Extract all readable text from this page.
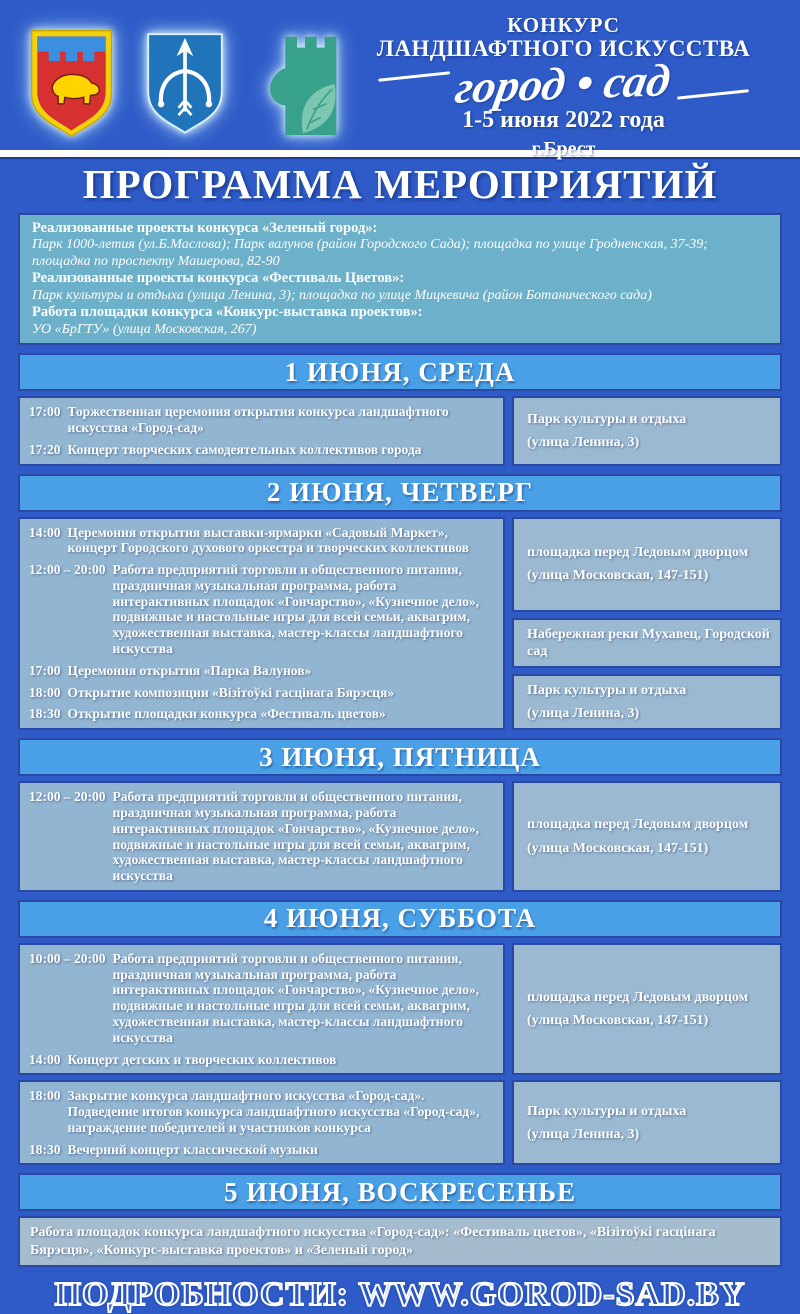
КОНКУРС
ЛАНДШАФТНОГО ИСКУССТВА
город • сад
1-5 июня 2022 года
г.Брест
ПРОГРАММА МЕРОПРИЯТИЙ
Реализованные проекты конкурса «Зеленый город»:
Парк 1000-летия (ул.Б.Маслова); Парк валунов (район Городского Сада); площадка по улице Гродненская, 37-39; площадка по проспекту Машерова, 82-90
Реализованные проекты конкурса «Фестиваль Цветов»:
Парк культуры и отдыха (улица Ленина, 3); площадка по улице Мицкевича (район Ботанического сада)
Работа площадки конкурса «Конкурс-выставка проектов»:
УО «БрГТУ» (улица Московская, 267)
1 ИЮНЯ, СРЕДА
17:00 Торжественная церемония открытия конкурса ландшафтного искусства «Город-сад»
17:20 Концерт творческих самодеятельных коллективов города
Парк культуры и отдыха
(улица Ленина, 3)
2 ИЮНЯ, ЧЕТВЕРГ
14:00 Церемония открытия выставки-ярмарки «Садовый Маркет», концерт Городского духового оркестра и творческих коллективов
12:00 – 20:00 Работа предприятий торговли и общественного питания, праздничная музыкальная программа, работа интерактивных площадок «Гончарство», «Кузнечное дело», подвижные и настольные игры для всей семьи, аквагрим, художественная выставка, мастер-классы ландшафтного искусства
17:00 Церемония открытия «Парка Валунов»
18:00 Открытие композиции «Візітоўкі гасцінага Бярэсця»
18:30 Открытие площадки конкурса «Фестиваль цветов»
площадка перед Ледовым дворцом
(улица Московская, 147-151)
Набережная реки Мухавец, Городской сад
Парк культуры и отдыха
(улица Ленина, 3)
3 ИЮНЯ, ПЯТНИЦА
12:00 – 20:00 Работа предприятий торговли и общественного питания, праздничная музыкальная программа, работа интерактивных площадок «Гончарство», «Кузнечное дело», подвижные и настольные игры для всей семьи, аквагрим, художественная выставка, мастер-классы ландшафтного искусства
площадка перед Ледовым дворцом
(улица Московская, 147-151)
4 ИЮНЯ, СУББОТА
10:00 – 20:00 Работа предприятий торговли и общественного питания, праздничная музыкальная программа, работа интерактивных площадок «Гончарство», «Кузнечное дело», подвижные и настольные игры для всей семьи, аквагрим, художественная выставка, мастер-классы ландшафтного искусства
14:00 Концерт детских и творческих коллективов
площадка перед Ледовым дворцом
(улица Московская, 147-151)
18:00 Закрытие конкурса ландшафтного искусства «Город-сад». Подведение итогов конкурса ландшафтного искусства «Город-сад», награждение победителей и участников конкурса
18:30 Вечерний концерт классической музыки
Парк культуры и отдыха
(улица Ленина, 3)
5 ИЮНЯ, ВОСКРЕСЕНЬЕ
Работа площадок конкурса ландшафтного искусства «Город-сад»: «Фестиваль цветов», «Візітоўкі гасцінага Бярэсця», «Конкурс-выставка проектов» и «Зеленый город»
ПОДРОБНОСТИ: WWW.GOROD-SAD.BY
